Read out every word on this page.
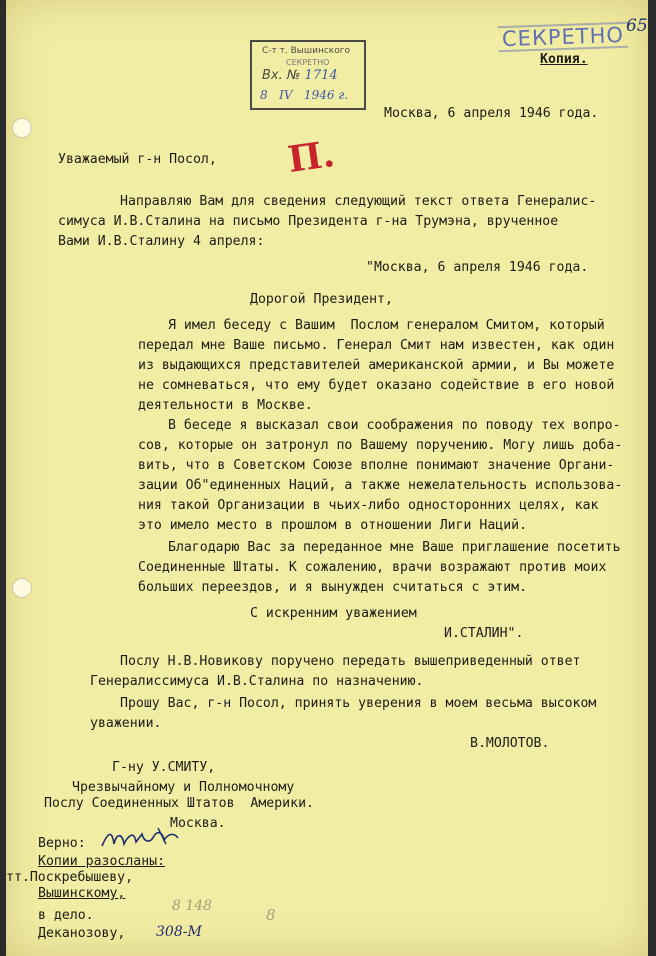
65
СЕКРЕТНО
Копия.
С-т т. Вышинского
СЕКРЕТНО
Вх. № 1714
8   IV   1946 г.
П.
Москва, 6 апреля 1946 года.
Уважаемый г-н Посол,
Направляю Вам для сведения следующий текст ответа Генералис-
симуса И.В.Сталина на письмо Президента г-на Трумэна, врученное
Вами И.В.Сталину 4 апреля:
"Москва, 6 апреля 1946 года.
Дорогой Президент,
Я имел беседу с Вашим  Послом генералом Смитом, который
передал мне Ваше письмо. Генерал Смит нам известен, как один
из выдающихся представителей американской армии, и Вы можете
не сомневаться, что ему будет оказано содействие в его новой
деятельности в Москве.
В беседе я высказал свои соображения по поводу тех вопро-
сов, которые он затронул по Вашему поручению. Могу лишь доба-
вить, что в Советском Союзе вполне понимают значение Органи-
зации Об"единенных Наций, а также нежелательность использова-
ния такой Организации в чьих-либо односторонних целях, как
это имело место в прошлом в отношении Лиги Наций.
Благодарю Вас за переданное мне Ваше приглашение посетить
Соединенные Штаты. К сожалению, врачи возражают против моих
больших переездов, и я вынужден считаться с этим.
С искренним уважением
И.СТАЛИН".
Послу Н.В.Новикову поручено передать вышеприведенный ответ
Генералиссимуса И.В.Сталина по назначению.
Прошу Вас, г-н Посол, принять уверения в моем весьма высоком
уважении.
В.МОЛОТОВ.
Г-ну У.СМИТУ,
Чрезвычайному и Полномочному
Послу Соединенных Штатов  Америки.
Москва.
Верно:
Копии разосланы:
тт.Поскребышеву,
Вышинскому,
в дело.
Деканозову,
8 148	8
308-М
